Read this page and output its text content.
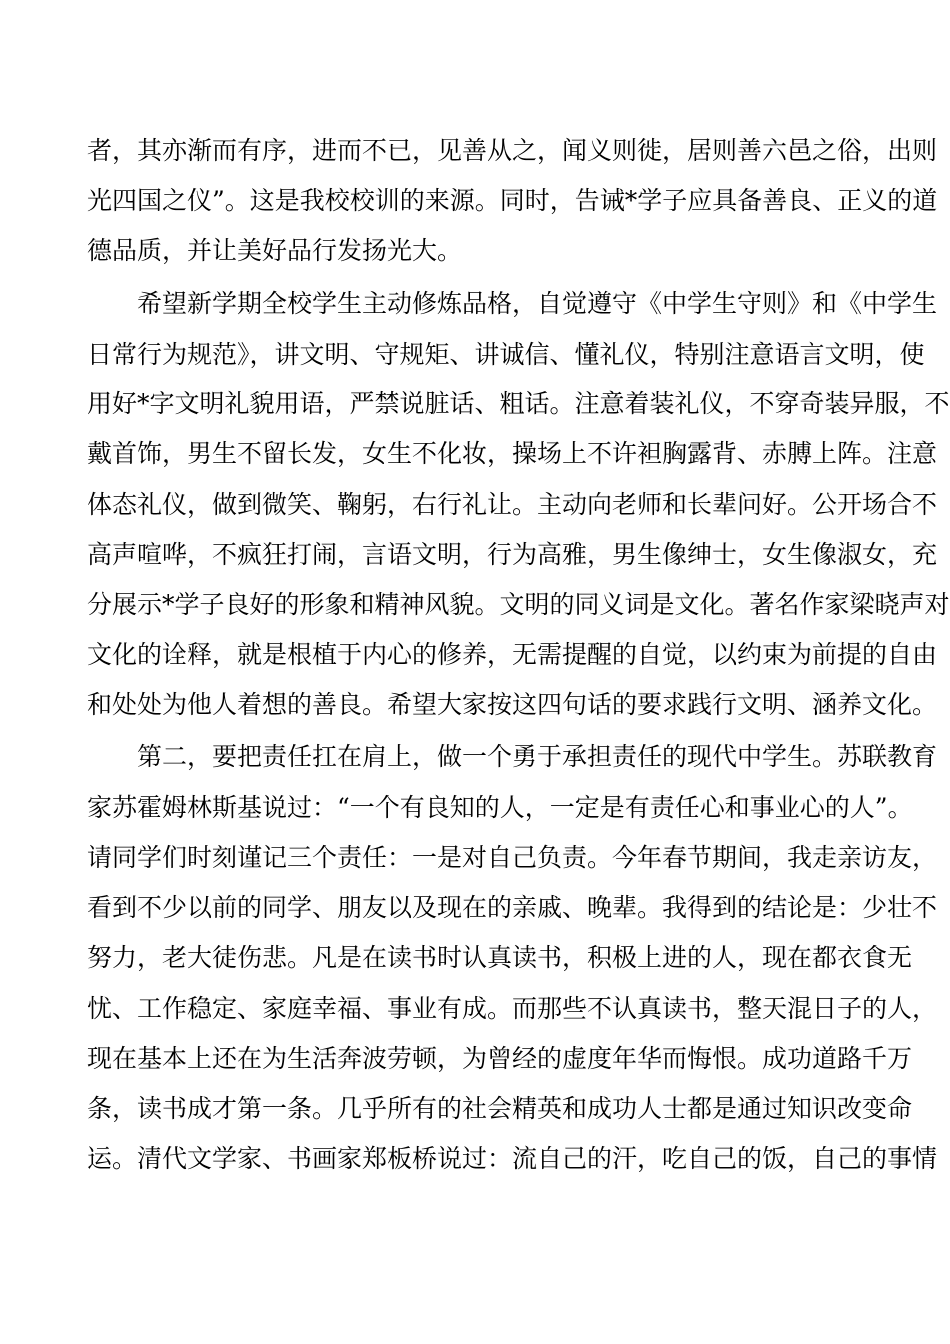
者，其亦渐而有序，进而不已，见善从之，闻义则徙，居则善六邑之俗，出则

光四国之仪”。这是我校校训的来源。同时，告诫*学子应具备善良、正义的道

德品质，并让美好品行发扬光大。

希望新学期全校学生主动修炼品格，自觉遵守《中学生守则》和《中学生

日常行为规范》，讲文明、守规矩、讲诚信、懂礼仪，特别注意语言文明，使

用好*字文明礼貌用语，严禁说脏话、粗话。注意着装礼仪，不穿奇装异服，不

戴首饰，男生不留长发，女生不化妆，操场上不许袒胸露背、赤膊上阵。注意

体态礼仪，做到微笑、鞠躬，右行礼让。主动向老师和长辈问好。公开场合不

高声喧哗，不疯狂打闹，言语文明，行为高雅，男生像绅士，女生像淑女，充

分展示*学子良好的形象和精神风貌。文明的同义词是文化。著名作家梁晓声对

文化的诠释，就是根植于内心的修养，无需提醒的自觉，以约束为前提的自由

和处处为他人着想的善良。希望大家按这四句话的要求践行文明、涵养文化。

第二，要把责任扛在肩上，做一个勇于承担责任的现代中学生。苏联教育

家苏霍姆林斯基说过：“一个有良知的人，一定是有责任心和事业心的人”。

请同学们时刻谨记三个责任：一是对自己负责。今年春节期间，我走亲访友，

看到不少以前的同学、朋友以及现在的亲戚、晚辈。我得到的结论是：少壮不

努力，老大徒伤悲。凡是在读书时认真读书，积极上进的人，现在都衣食无

忧、工作稳定、家庭幸福、事业有成。而那些不认真读书，整天混日子的人，

现在基本上还在为生活奔波劳顿，为曾经的虚度年华而悔恨。成功道路千万

条，读书成才第一条。几乎所有的社会精英和成功人士都是通过知识改变命

运。清代文学家、书画家郑板桥说过：流自己的汗，吃自己的饭，自己的事情
